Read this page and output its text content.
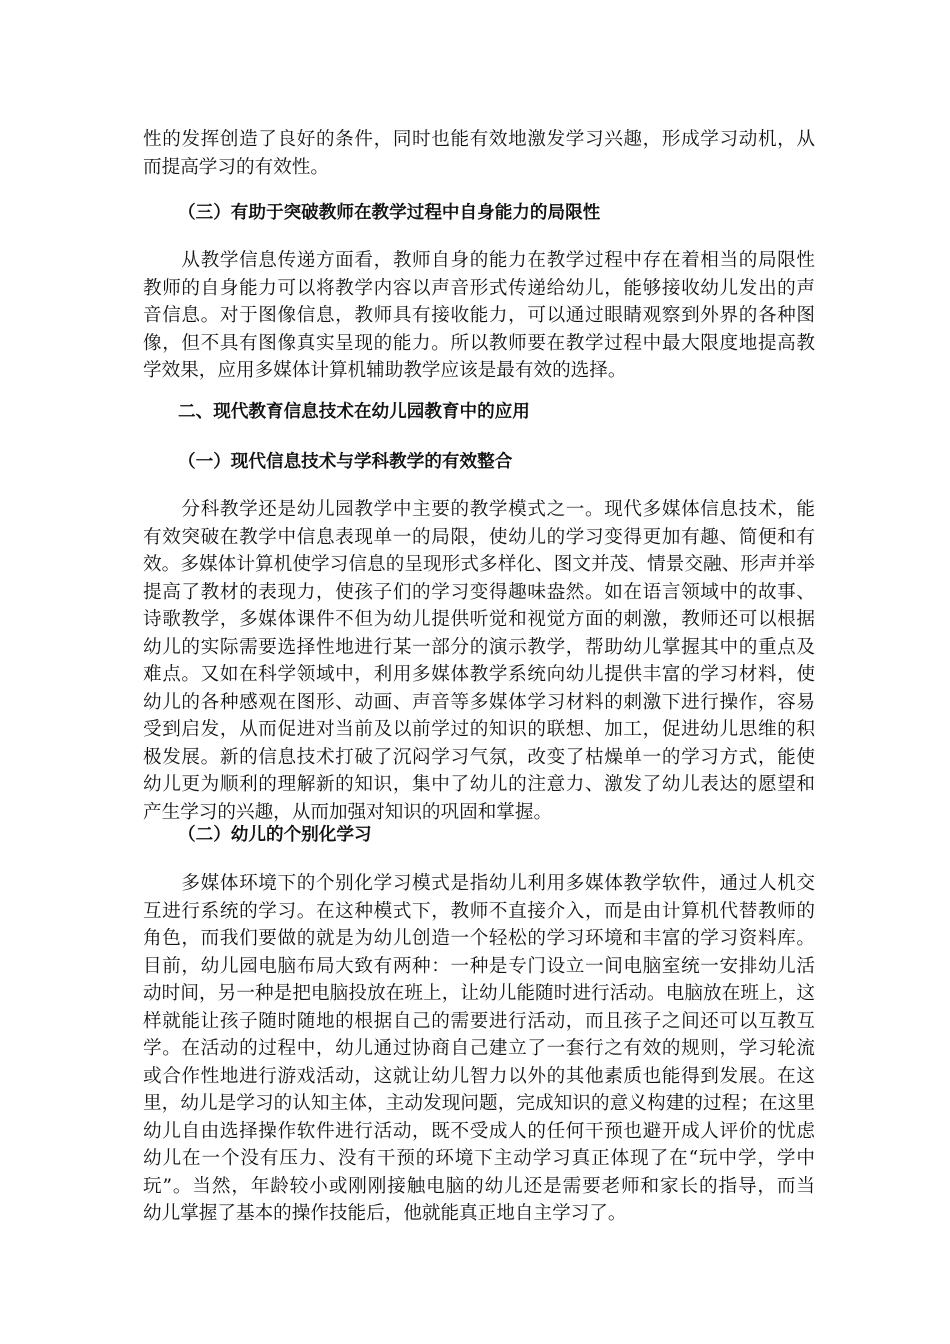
性的发挥创造了良好的条件，同时也能有效地激发学习兴趣，形成学习动机，从
而提高学习的有效性。
（三）有助于突破教师在教学过程中自身能力的局限性
　　从教学信息传递方面看，教师自身的能力在教学过程中存在着相当的局限性
教师的自身能力可以将教学内容以声音形式传递给幼儿，能够接收幼儿发出的声
音信息。对于图像信息，教师具有接收能力，可以通过眼睛观察到外界的各种图
像，但不具有图像真实呈现的能力。所以教师要在教学过程中最大限度地提高教
学效果，应用多媒体计算机辅助教学应该是最有效的选择。
二、现代教育信息技术在幼儿园教育中的应用
（一）现代信息技术与学科教学的有效整合
　　分科教学还是幼儿园教学中主要的教学模式之一。现代多媒体信息技术，能
有效突破在教学中信息表现单一的局限，使幼儿的学习变得更加有趣、简便和有
效。多媒体计算机使学习信息的呈现形式多样化、图文并茂、情景交融、形声并举
提高了教材的表现力，使孩子们的学习变得趣味盎然。如在语言领域中的故事、
诗歌教学，多媒体课件不但为幼儿提供听觉和视觉方面的刺激，教师还可以根据
幼儿的实际需要选择性地进行某一部分的演示教学，帮助幼儿掌握其中的重点及
难点。又如在科学领域中，利用多媒体教学系统向幼儿提供丰富的学习材料，使
幼儿的各种感观在图形、动画、声音等多媒体学习材料的刺激下进行操作，容易
受到启发，从而促进对当前及以前学过的知识的联想、加工，促进幼儿思维的积
极发展。新的信息技术打破了沉闷学习气氛，改变了枯燥单一的学习方式，能使
幼儿更为顺利的理解新的知识，集中了幼儿的注意力、激发了幼儿表达的愿望和
产生学习的兴趣，从而加强对知识的巩固和掌握。
（二）幼儿的个别化学习
　　多媒体环境下的个别化学习模式是指幼儿利用多媒体教学软件，通过人机交
互进行系统的学习。在这种模式下，教师不直接介入，而是由计算机代替教师的
角色，而我们要做的就是为幼儿创造一个轻松的学习环境和丰富的学习资料库。
目前，幼儿园电脑布局大致有两种：一种是专门设立一间电脑室统一安排幼儿活
动时间，另一种是把电脑投放在班上，让幼儿能随时进行活动。电脑放在班上，这
样就能让孩子随时随地的根据自己的需要进行活动，而且孩子之间还可以互教互
学。在活动的过程中，幼儿通过协商自己建立了一套行之有效的规则，学习轮流
或合作性地进行游戏活动，这就让幼儿智力以外的其他素质也能得到发展。在这
里，幼儿是学习的认知主体，主动发现问题，完成知识的意义构建的过程；在这里
幼儿自由选择操作软件进行活动，既不受成人的任何干预也避开成人评价的忧虑
幼儿在一个没有压力、没有干预的环境下主动学习真正体现了在“玩中学，学中
玩”。当然，年龄较小或刚刚接触电脑的幼儿还是需要老师和家长的指导，而当
幼儿掌握了基本的操作技能后，他就能真正地自主学习了。
